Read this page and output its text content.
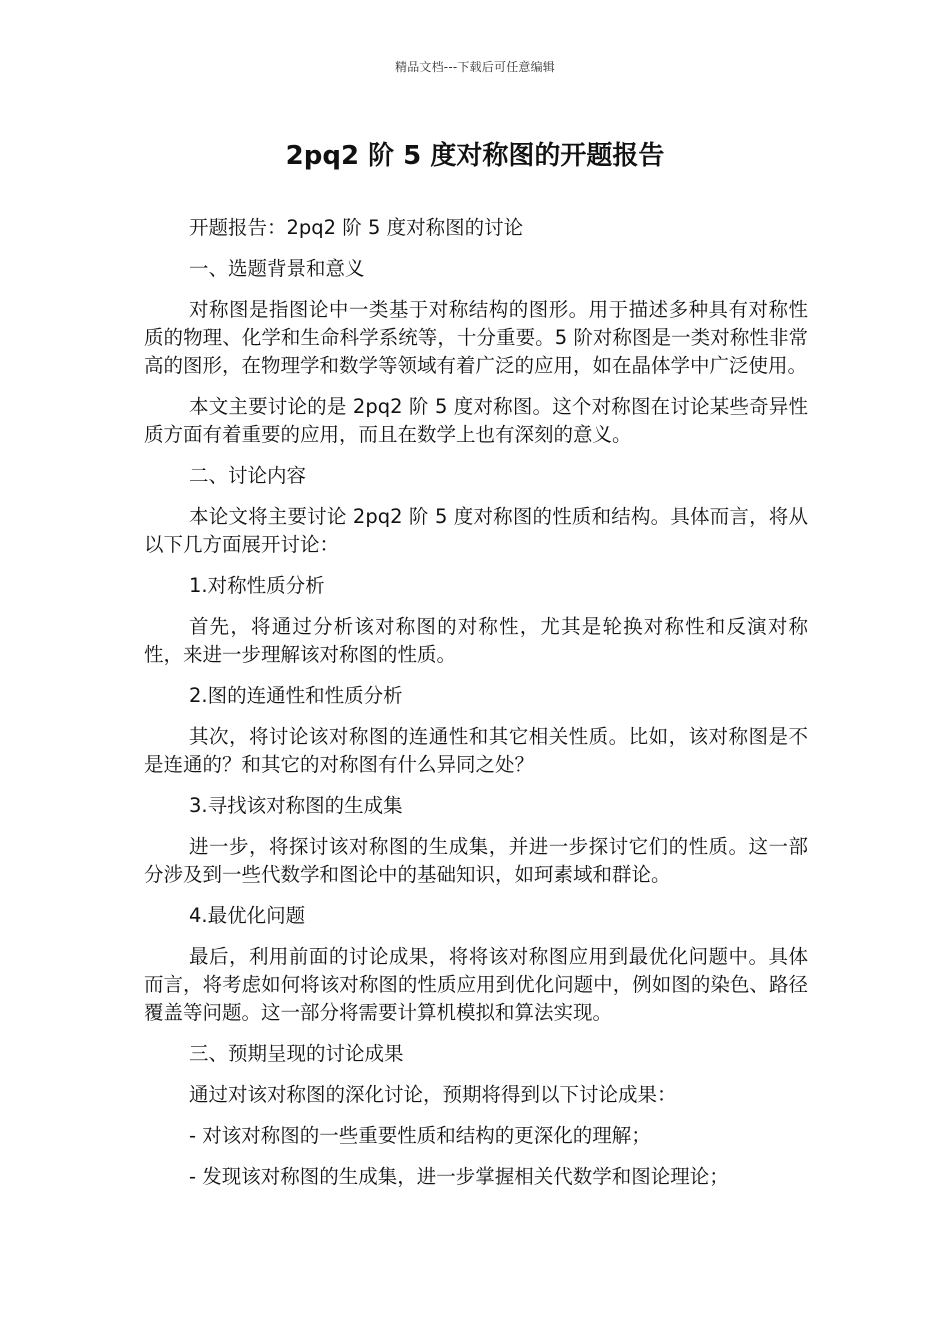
精品文档---下载后可任意编辑
2pq2 阶 5 度对称图的开题报告

开题报告：2pq2 阶 5 度对称图的讨论

一、选题背景和意义

对称图是指图论中一类基于对称结构的图形。用于描述多种具有对称性质的物理、化学和生命科学系统等，十分重要。5 阶对称图是一类对称性非常高的图形，在物理学和数学等领域有着广泛的应用，如在晶体学中广泛使用。

本文主要讨论的是 2pq2 阶 5 度对称图。这个对称图在讨论某些奇异性质方面有着重要的应用，而且在数学上也有深刻的意义。

二、讨论内容

本论文将主要讨论 2pq2 阶 5 度对称图的性质和结构。具体而言，将从以下几方面展开讨论：

1.对称性质分析

首先，将通过分析该对称图的对称性，尤其是轮换对称性和反演对称性，来进一步理解该对称图的性质。

2.图的连通性和性质分析

其次，将讨论该对称图的连通性和其它相关性质。比如，该对称图是不是连通的？和其它的对称图有什么异同之处？

3.寻找该对称图的生成集

进一步，将探讨该对称图的生成集，并进一步探讨它们的性质。这一部分涉及到一些代数学和图论中的基础知识，如珂素域和群论。

4.最优化问题

最后，利用前面的讨论成果，将将该对称图应用到最优化问题中。具体而言，将考虑如何将该对称图的性质应用到优化问题中，例如图的染色、路径覆盖等问题。这一部分将需要计算机模拟和算法实现。

三、预期呈现的讨论成果

通过对该对称图的深化讨论，预期将得到以下讨论成果：

- 对该对称图的一些重要性质和结构的更深化的理解；

- 发现该对称图的生成集，进一步掌握相关代数学和图论理论；
